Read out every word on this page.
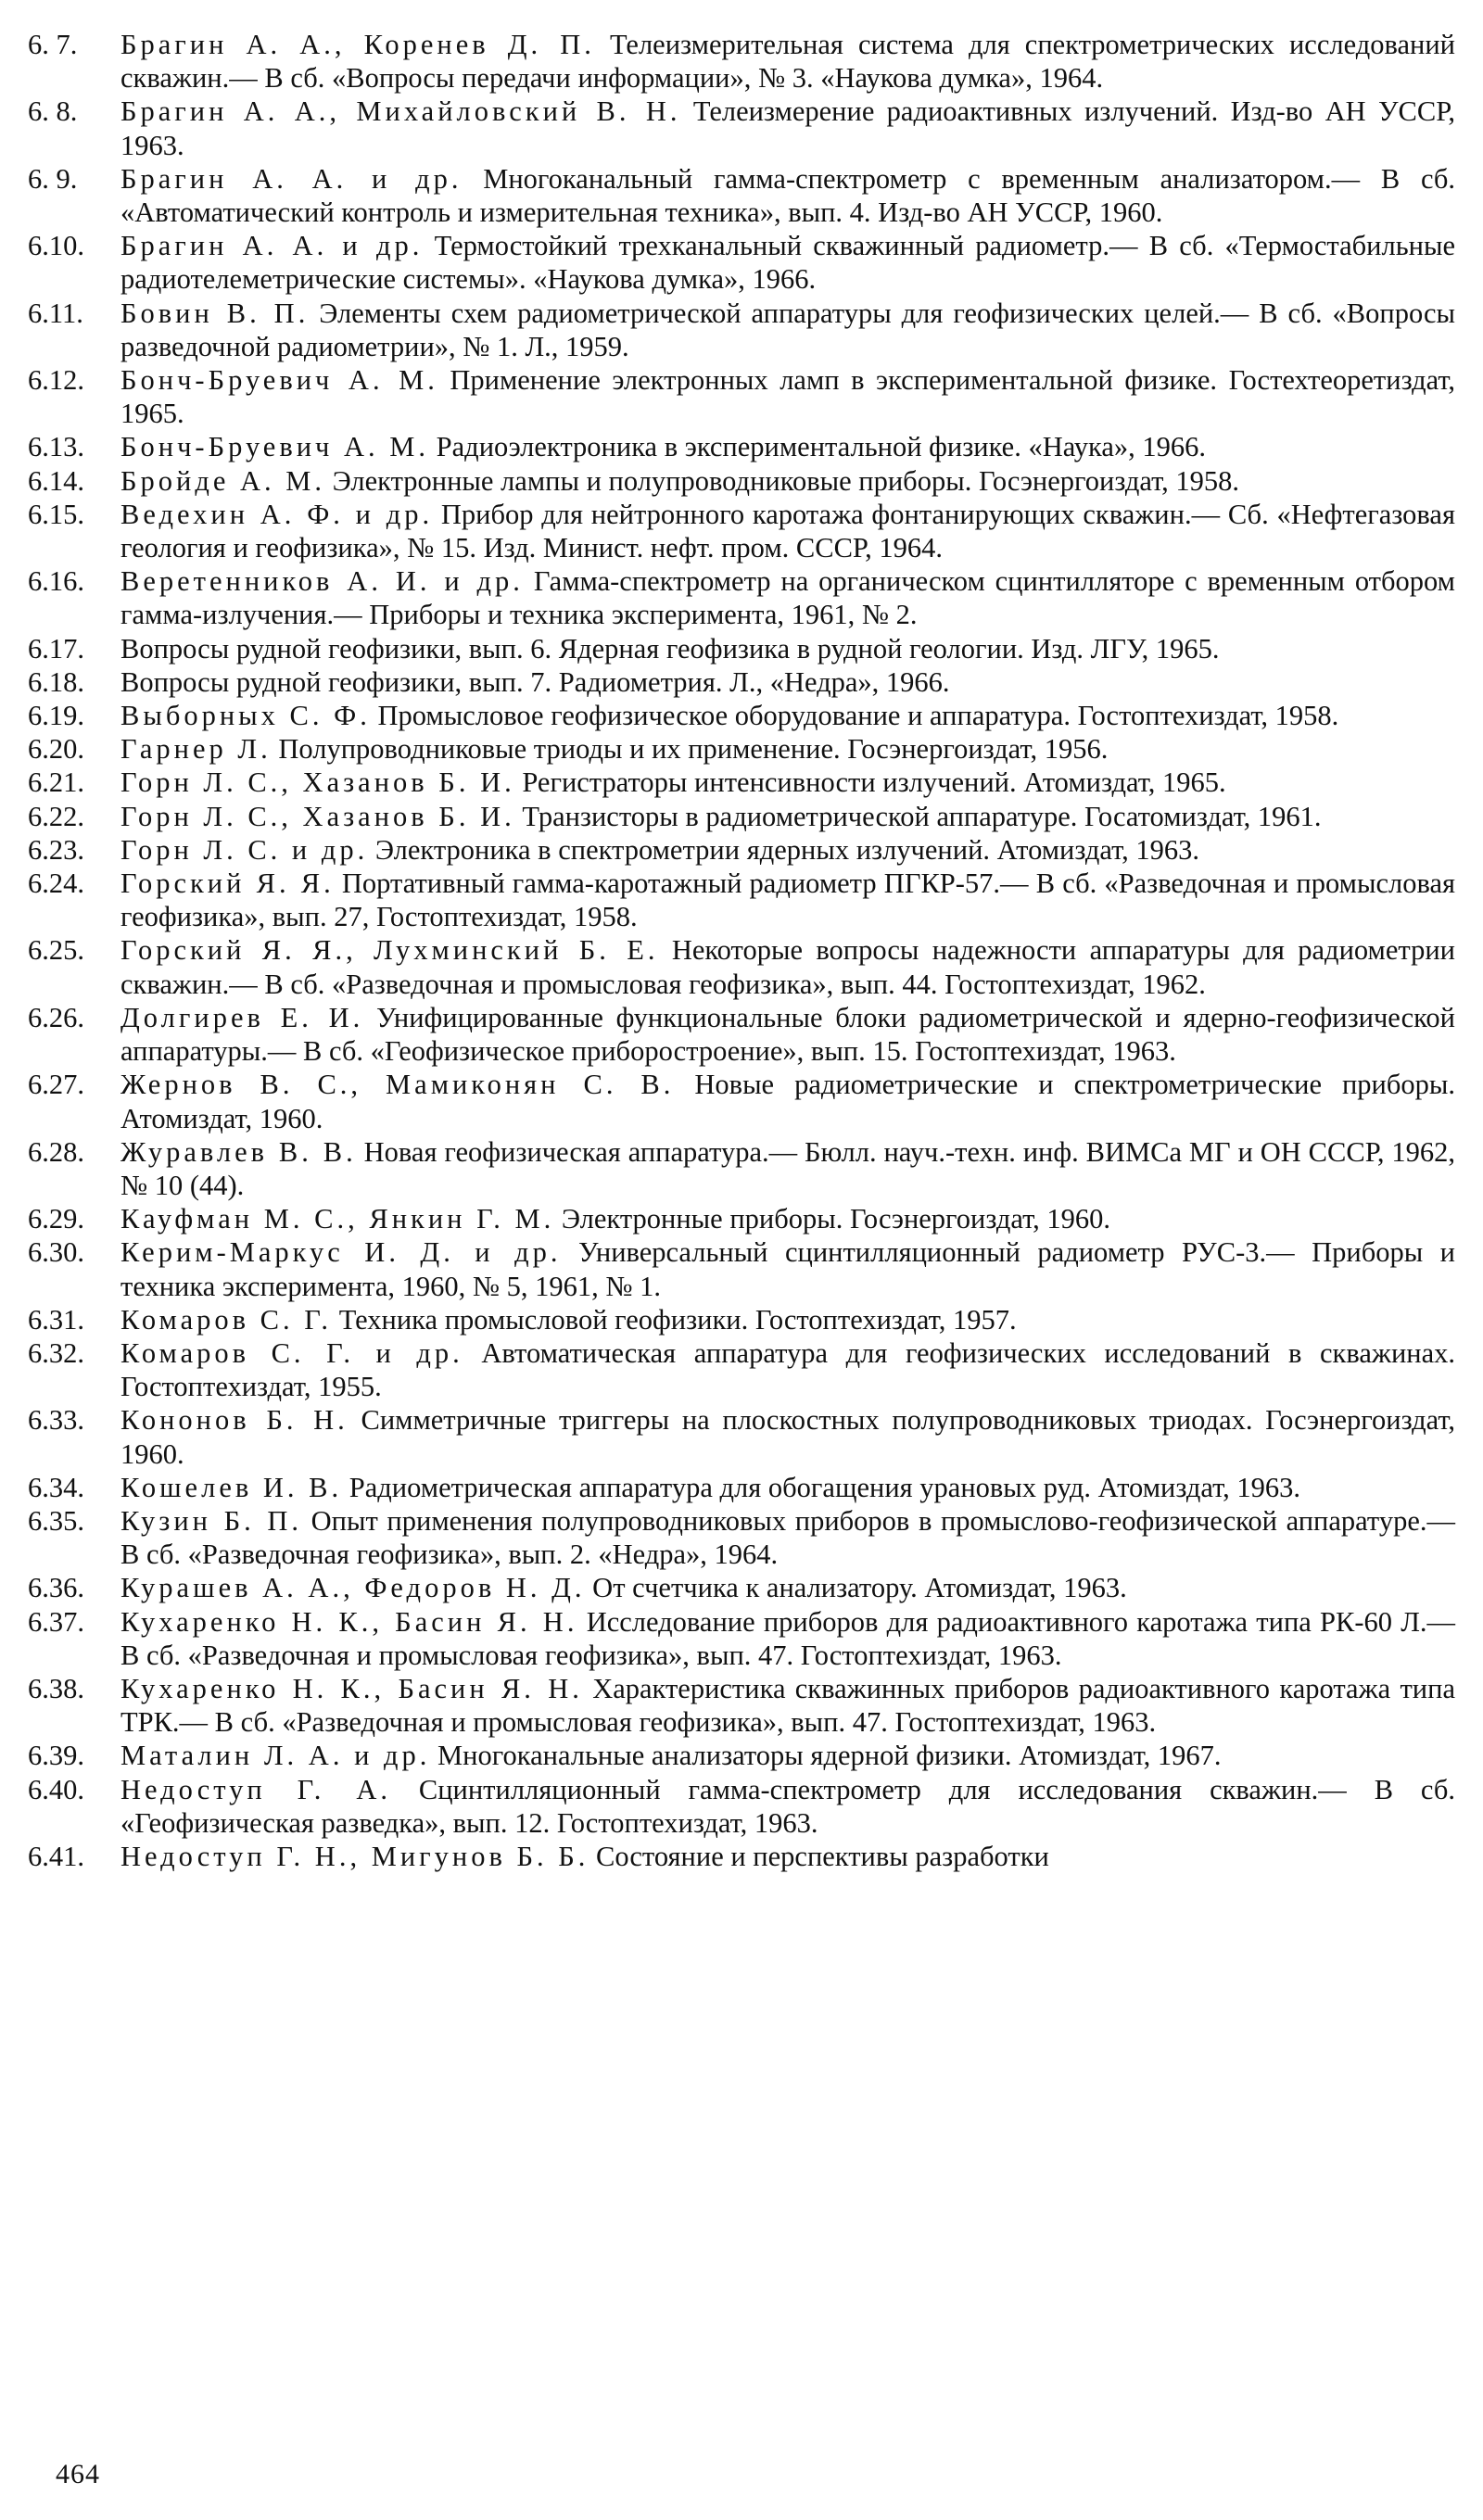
6. 7.	Брагин А. А., Коренев Д. П. Телеизмерительная система для спектрометрических исследований скважин.— В сб. «Вопросы передачи информации», № 3. «Наукова думка», 1964.
6. 8.	Брагин А. А., Михайловский В. Н. Телеизмерение радиоактивных излучений. Изд-во АН УССР, 1963.
6. 9.	Брагин А. А. и др. Многоканальный гамма-спектрометр с временным анализатором.— В сб. «Автоматический контроль и измерительная техника», вып. 4. Изд-во АН УССР, 1960.
6.10.	Брагин А. А. и др. Термостойкий трехканальный скважинный радиометр.— В сб. «Термостабильные радиотелеметрические системы». «Наукова думка», 1966.
6.11.	Бовин В. П. Элементы схем радиометрической аппаратуры для геофизических целей.— В сб. «Вопросы разведочной радиометрии», № 1. Л., 1959.
6.12.	Бонч-Бруевич А. М. Применение электронных ламп в экспериментальной физике. Гостехтеоретиздат, 1965.
6.13.	Бонч-Бруевич А. М. Радиоэлектроника в экспериментальной физике. «Наука», 1966.
6.14.	Бройде А. М. Электронные лампы и полупроводниковые приборы. Госэнергоиздат, 1958.
6.15.	Ведехин А. Ф. и др. Прибор для нейтронного каротажа фонтанирующих скважин.— Сб. «Нефтегазовая геология и геофизика», № 15. Изд. Минист. нефт. пром. СССР, 1964.
6.16.	Веретенников А. И. и др. Гамма-спектрометр на органическом сцинтилляторе с временным отбором гамма-излучения.— Приборы и техника эксперимента, 1961, № 2.
6.17.	Вопросы рудной геофизики, вып. 6. Ядерная геофизика в рудной геологии. Изд. ЛГУ, 1965.
6.18.	Вопросы рудной геофизики, вып. 7. Радиометрия. Л., «Недра», 1966.
6.19.	Выборных С. Ф. Промысловое геофизическое оборудование и аппаратура. Гостоптехиздат, 1958.
6.20.	Гарнер Л. Полупроводниковые триоды и их применение. Госэнергоиздат, 1956.
6.21.	Горн Л. С., Хазанов Б. И. Регистраторы интенсивности излучений. Атомиздат, 1965.
6.22.	Горн Л. С., Хазанов Б. И. Транзисторы в радиометрической аппаратуре. Госатомиздат, 1961.
6.23.	Горн Л. С. и др. Электроника в спектрометрии ядерных излучений. Атомиздат, 1963.
6.24.	Горский Я. Я. Портативный гамма-каротажный радиометр ПГКР-57.— В сб. «Разведочная и промысловая геофизика», вып. 27, Гостоптехиздат, 1958.
6.25.	Горский Я. Я., Лухминский Б. Е. Некоторые вопросы надежности аппаратуры для радиометрии скважин.— В сб. «Разведочная и промысловая геофизика», вып. 44. Гостоптехиздат, 1962.
6.26.	Долгирев Е. И. Унифицированные функциональные блоки радиометрической и ядерно-геофизической аппаратуры.— В сб. «Геофизическое приборостроение», вып. 15. Гостоптехиздат, 1963.
6.27.	Жернов В. С., Мамиконян С. В. Новые радиометрические и спектрометрические приборы. Атомиздат, 1960.
6.28.	Журавлев В. В. Новая геофизическая аппаратура.— Бюлл. науч.-техн. инф. ВИМСа МГ и ОН СССР, 1962, № 10 (44).
6.29.	Кауфман М. С., Янкин Г. М. Электронные приборы. Госэнергоиздат, 1960.
6.30.	Керим-Маркус И. Д. и др. Универсальный сцинтилляционный радиометр РУС-3.— Приборы и техника эксперимента, 1960, № 5, 1961, № 1.
6.31.	Комаров С. Г. Техника промысловой геофизики. Гостоптехиздат, 1957.
6.32.	Комаров С. Г. и др. Автоматическая аппаратура для геофизических исследований в скважинах. Гостоптехиздат, 1955.
6.33.	Кононов Б. Н. Симметричные триггеры на плоскостных полупроводниковых триодах. Госэнергоиздат, 1960.
6.34.	Кошелев И. В. Радиометрическая аппаратура для обогащения урановых руд. Атомиздат, 1963.
6.35.	Кузин Б. П. Опыт применения полупроводниковых приборов в промыслово-геофизической аппаратуре.— В сб. «Разведочная геофизика», вып. 2. «Недра», 1964.
6.36.	Курашев А. А., Федоров Н. Д. От счетчика к анализатору. Атомиздат, 1963.
6.37.	Кухаренко Н. К., Басин Я. Н. Исследование приборов для радиоактивного каротажа типа РК-60 Л.— В сб. «Разведочная и промысловая геофизика», вып. 47. Гостоптехиздат, 1963.
6.38.	Кухаренко Н. К., Басин Я. Н. Характеристика скважинных приборов радиоактивного каротажа типа ТРК.— В сб. «Разведочная и промысловая геофизика», вып. 47. Гостоптехиздат, 1963.
6.39.	Маталин Л. А. и др. Многоканальные анализаторы ядерной физики. Атомиздат, 1967.
6.40.	Недоступ Г. А. Сцинтилляционный гамма-спектрометр для исследования скважин.— В сб. «Геофизическая разведка», вып. 12. Гостоптехиздат, 1963.
6.41.	Недоступ Г. Н., Мигунов Б. Б. Состояние и перспективы разработки
464
